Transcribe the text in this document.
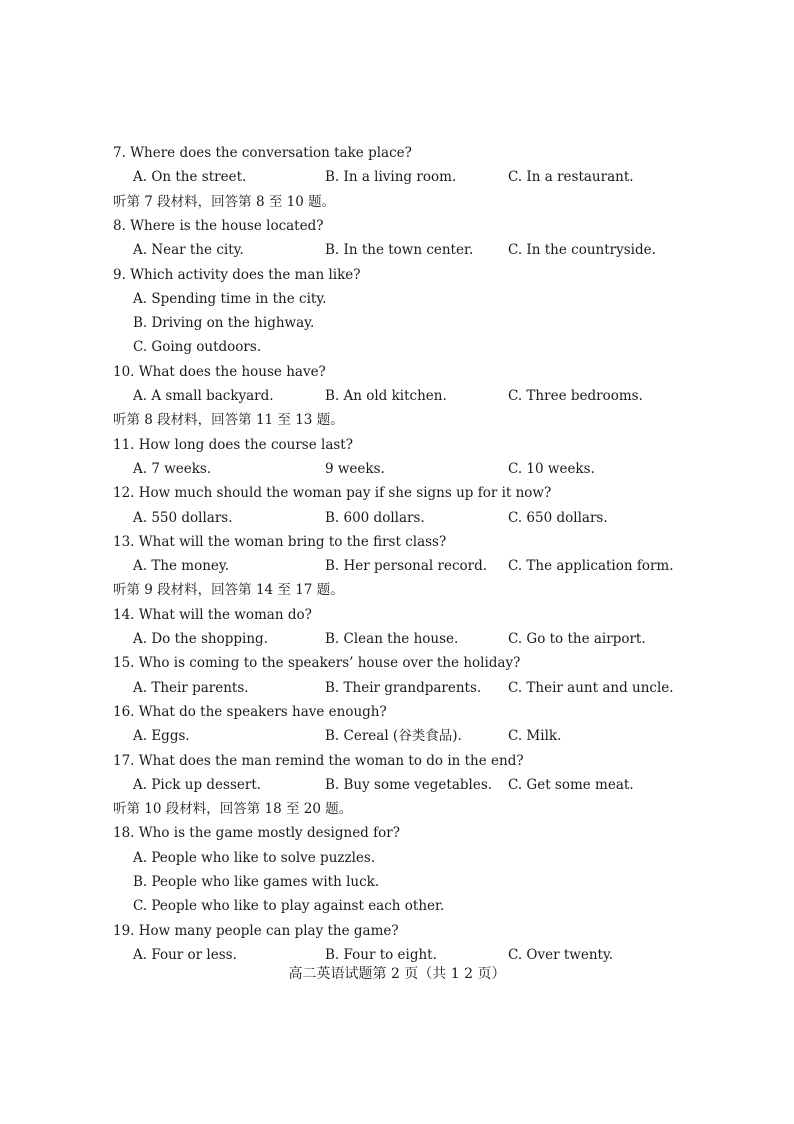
7. Where does the conversation take place?
A. On the street.	B. In a living room.	C. In a restaurant.
听第 7 段材料，回答第 8 至 10 题。
8. Where is the house located?
A. Near the city.	B. In the town center.	C. In the countryside.
9. Which activity does the man like?
A. Spending time in the city.
B. Driving on the highway.
C. Going outdoors.
10. What does the house have?
A. A small backyard.	B. An old kitchen.	C. Three bedrooms.
听第 8 段材料，回答第 11 至 13 题。
11. How long does the course last?
A. 7 weeks.	9 weeks.	C. 10 weeks.
12. How much should the woman pay if she signs up for it now?
A. 550 dollars.	B. 600 dollars.	C. 650 dollars.
13. What will the woman bring to the first class?
A. The money.	B. Her personal record. C. The application form.
听第 9 段材料，回答第 14 至 17 题。
14. What will the woman do?
A. Do the shopping.	B. Clean the house.	C. Go to the airport.
15. Who is coming to the speakers’ house over the holiday?
A. Their parents.	B. Their grandparents. C. Their aunt and uncle.
16. What do the speakers have enough?
A. Eggs.	B. Cereal (谷类食品).	C. Milk.
17. What does the man remind the woman to do in the end?
A. Pick up dessert.	B. Buy some vegetables. C. Get some meat.
听第 10 段材料，回答第 18 至 20 题。
18. Who is the game mostly designed for?
A. People who like to solve puzzles.
B. People who like games with luck.
C. People who like to play against each other.
19. How many people can play the game?
A. Four or less.	B. Four to eight.	C. Over twenty.
高二英语试题第 2 页（共 1 2 页）
